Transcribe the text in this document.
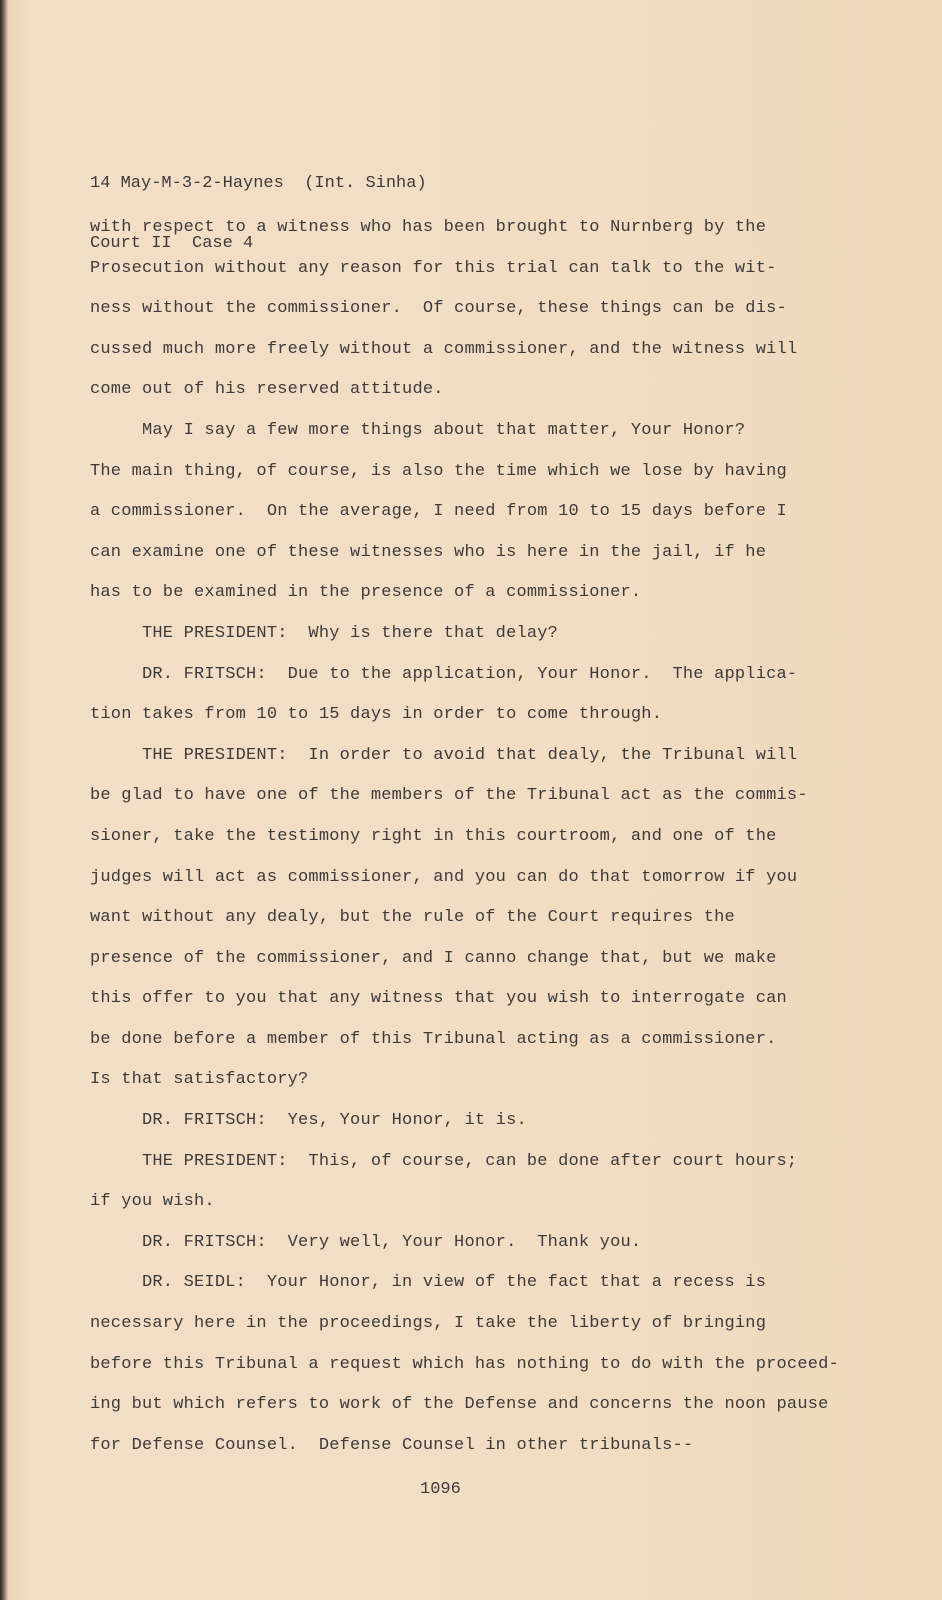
14 May-M-3-2-Haynes  (Int. Sinha)

Court II  Case 4

with respect to a witness who has been brought to Nurnberg by the
Prosecution without any reason for this trial can talk to the wit-
ness without the commissioner.  Of course, these things can be dis-
cussed much more freely without a commissioner, and the witness will
come out of his reserved attitude.
May I say a few more things about that matter, Your Honor?
The main thing, of course, is also the time which we lose by having
a commissioner.  On the average, I need from 10 to 15 days before I
can examine one of these witnesses who is here in the jail, if he
has to be examined in the presence of a commissioner.
THE PRESIDENT:  Why is there that delay?
DR. FRITSCH:  Due to the application, Your Honor.  The applica-
tion takes from 10 to 15 days in order to come through.
THE PRESIDENT:  In order to avoid that dealy, the Tribunal will
be glad to have one of the members of the Tribunal act as the commis-
sioner, take the testimony right in this courtroom, and one of the
judges will act as commissioner, and you can do that tomorrow if you
want without any dealy, but the rule of the Court requires the
presence of the commissioner, and I canno change that, but we make
this offer to you that any witness that you wish to interrogate can
be done before a member of this Tribunal acting as a commissioner.
Is that satisfactory?
DR. FRITSCH:  Yes, Your Honor, it is.
THE PRESIDENT:  This, of course, can be done after court hours;
if you wish.
DR. FRITSCH:  Very well, Your Honor.  Thank you.
DR. SEIDL:  Your Honor, in view of the fact that a recess is
necessary here in the proceedings, I take the liberty of bringing
before this Tribunal a request which has nothing to do with the proceed-
ing but which refers to work of the Defense and concerns the noon pause
for Defense Counsel.  Defense Counsel in other tribunals--
1096
